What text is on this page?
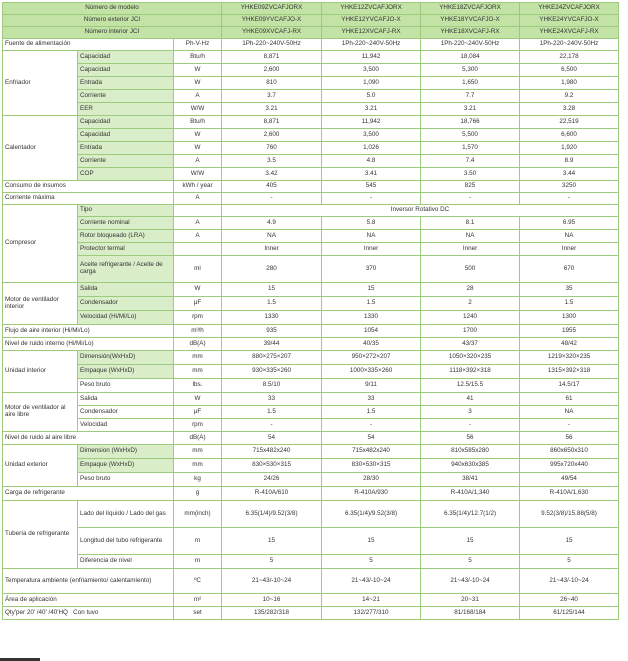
Número de modelo			YHKE09ZVCAFJORX	YHKE12ZVCAFJORX	YHKE18ZVCAFJORX	YHKE24ZVCAFJORX
Número exterior JCI			YHKE09YVCAFJO-X	YHKE12YVCAFJO-X	YHKE18YVCAFJO-X	YHKE24YVCAFJO-X
Número interior JCI			YHKE09XVCAFJ-RX	YHKE12XVCAFJ-RX	YHKE18XVCAFJ-RX	YHKE24XVCAFJ-RX
Fuente de alimentación		Ph-V-Hz	1Ph-220~240V-50Hz	1Ph-220~240V-50Hz	1Ph-220~240V-50Hz	1Ph-220~240V-50Hz
Enfriador	Capacidad	Btu/h	8,871	11,942	18,084	22,178
	Capacidad	W	2,600	3,500	5,300	6,500
	Entrada	W	810	1,090	1,650	1,980
	Corriente	A	3.7	5.0	7.7	9.2
	EER	W/W	3.21	3.21	3.21	3.28
Calentador	Capacidad	Btu/h	8,871	11,942	18,766	22,519
	Capacidad	W	2,600	3,500	5,500	6,600
	Entrada	W	760	1,026	1,570	1,920
	Corriente	A	3.5	4.8	7.4	8.9
	COP	W/W	3.42	3.41	3.50	3.44
Consumo de insumos		kWh / year	405	545	825	3250
Corriente máxima		A	-	-	-	-
Compresor	Tipo		Inversor Rotativo DC			
	Corriente nominal	A	4.9	5.8	8.1	6.95
	Rotor bloqueado (LRA)	A	NA	NA	NA	NA
	Protector termal		Inner	Inner	Inner	Inner
	Aceite refrigerante / Aceite de carga	ml	280	370	500	670
Motor de ventilador interior	Salida	W	15	15	28	35
	Condensador	μF	1.5	1.5	2	1.5
	Velocidad (Hi/Mi/Lo)	rpm	1330	1330	1240	1300
Flujo de aire interior (Hi/Mi/Lo)		m³/h	935	1054	1700	1955
Nivel de ruido interno (Hi/Mi/Lo)		dB(A)	39/44	40/35	43/37	48/42
Unidad interior	Dimensión(WxHxD)	mm	880×275×207	950×272×207	1050×320×235	1219×320×235
	Empaque (WxHxD)	mm	930×335×260	1000×335×260	1118×392×318	1315×392×318
	Peso bruto	lbs.	8.5/10	9/11	12.5/15.5	14.5/17
Motor de ventilador al aire libre	Salida	W	33	33	41	61
	Condensador	μF	1.5	1.5	3	NA
	Velocidad	rpm	-	-	-	-
Nivel de ruido al aire libre		dB(A)	54	54	56	56
Unidad exterior	Dimension (WxHxD)	mm	715x482x240	715x482x240	810x585x280	860x650x310
	Empaque (WxHxD)	mm	830×530×315	830×530×315	940x630x385	995x720x440
	Peso bruto	kg	24/26	28/30	38/41	49/54
Carga de refrigerante		g	R-410A/610	R-410A/930	R-410A/1,340	R-410A/1,630
Tubería de refrigerante	Lado del líquido / Lado del gas	mm(inch)	6.35(1/4)/9.52(3/8)	6.35(1/4)/9.52(3/8)	6.35(1/4)/12.7(1/2)	9.52(3/8)/15.88(5/8)
	Longitud del tubo refrigerante	m	15	15	15	15
	Diferencia de nivel	m	5	5	5	5
Temperatura ambiente (enfriamiento/ calentamiento)		ºC	21~43/-10~24	21~43/-10~24	21~43/-10~24	21~43/-10~24
Área de aplicación		m²	10~16	14~21	20~31	26~40
Qty'per 20' /40' /40'HQ Con tuvo		set	135/282/318	132/277/310	81/168/184	61/125/144
